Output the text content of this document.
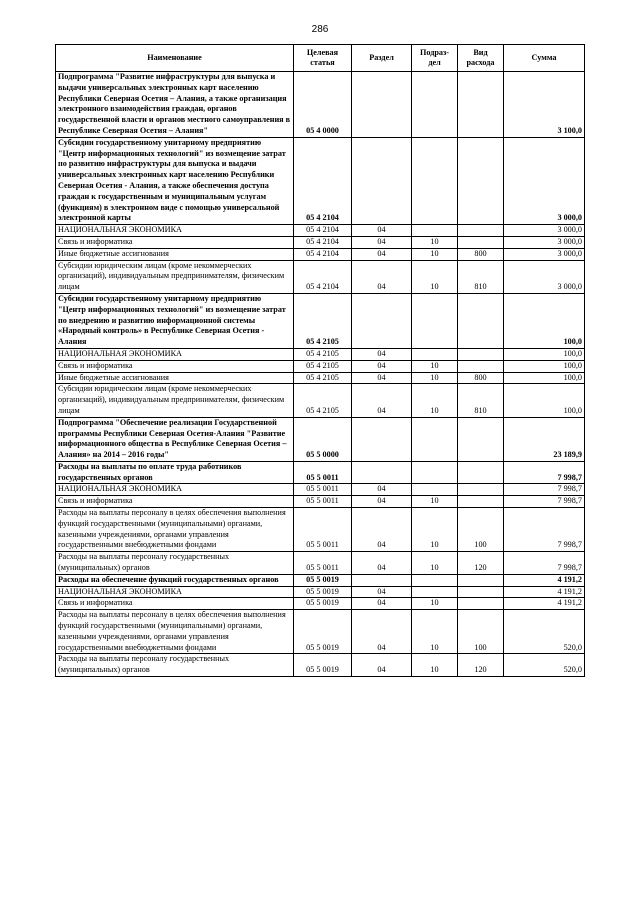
286
Наименование	Целевая статья	Раздел	Подраз-дел	Вид расхода	Сумма
Подпрограмма "Развитие инфраструктуры для выпуска и выдачи универсальных электронных карт населению Республики Северная Осетия – Алания, а также организация электронного взаимодействия граждан, органов государственной власти и органов местного самоуправления в Республике Северная Осетия – Алания"	05 4 0000				3 100,0
Субсидии государственному унитарному предприятию "Центр информационных технологий" из возмещение затрат по развитию инфраструктуры для выпуска и выдачи универсальных электронных карт населению Республики Северная Осетия - Алания, а также обеспечения доступа граждан к государственным и муниципальным услугам (функциям) в электронном виде с помощью универсальной электронной карты	05 4 2104				3 000,0
НАЦИОНАЛЬНАЯ ЭКОНОМИКА	05 4 2104	04			3 000,0
Связь и информатика	05 4 2104	04	10		3 000,0
Иные бюджетные ассигнования	05 4 2104	04	10	800	3 000,0
Субсидии юридическим лицам (кроме некоммерческих организаций), индивидуальным предпринимателям, физическим лицам	05 4 2104	04	10	810	3 000,0
Субсидии государственному унитарному предприятию "Центр информационных технологий" из возмещение затрат по внедрению и развитию информационной системы «Народный контроль» в Республике Северная Осетия - Алания	05 4 2105				100,0
НАЦИОНАЛЬНАЯ ЭКОНОМИКА	05 4 2105	04			100,0
Связь и информатика	05 4 2105	04	10		100,0
Иные бюджетные ассигнования	05 4 2105	04	10	800	100,0
Субсидии юридическим лицам (кроме некоммерческих организаций), индивидуальным предпринимателям, физическим лицам	05 4 2105	04	10	810	100,0
Подпрограмма "Обеспечение реализации Государственной программы Республики Северная Осетия-Алания "Развитие информационного общества в Республике Северная Осетия – Алания» на 2014 – 2016 годы"	05 5 0000				23 189,9
Расходы на выплаты по оплате труда работников государственных органов	05 5 0011				7 998,7
НАЦИОНАЛЬНАЯ ЭКОНОМИКА	05 5 0011	04			7 998,7
Связь и информатика	05 5 0011	04	10		7 998,7
Расходы на выплаты персоналу в целях обеспечения выполнения функций государственными (муниципальными) органами, казенными учреждениями, органами управления государственными внебюджетными фондами	05 5 0011	04	10	100	7 998,7
Расходы на выплаты персоналу государственных (муниципальных) органов	05 5 0011	04	10	120	7 998,7
Расходы на обеспечение функций государственных органов	05 5 0019				4 191,2
НАЦИОНАЛЬНАЯ ЭКОНОМИКА	05 5 0019	04			4 191,2
Связь и информатика	05 5 0019	04	10		4 191,2
Расходы на выплаты персоналу в целях обеспечения выполнения функций государственными (муниципальными) органами, казенными учреждениями, органами управления государственными внебюджетными фондами	05 5 0019	04	10	100	520,0
Расходы на выплаты персоналу государственных (муниципальных) органов	05 5 0019	04	10	120	520,0
